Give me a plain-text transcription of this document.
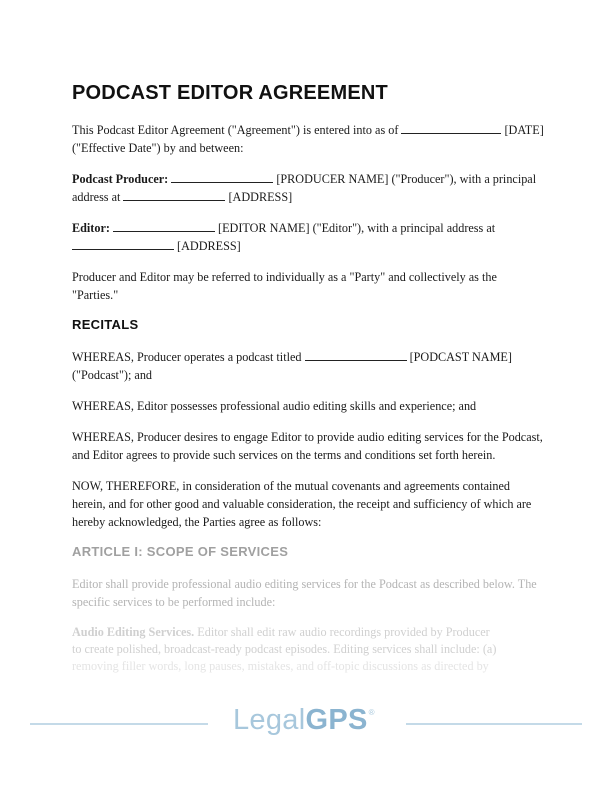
PODCAST EDITOR AGREEMENT

This Podcast Editor Agreement ("Agreement") is entered into as of	[DATE] ("Effective Date") by and between:

Podcast Producer:	[PRODUCER NAME] ("Producer"), with a principal address at	[ADDRESS]

Editor:	[EDITOR NAME] ("Editor"), with a principal address at  [ADDRESS]

Producer and Editor may be referred to individually as a "Party" and collectively as the "Parties."

RECITALS

WHEREAS, Producer operates a podcast titled	[PODCAST NAME] ("Podcast"); and

WHEREAS, Editor possesses professional audio editing skills and experience; and

WHEREAS, Producer desires to engage Editor to provide audio editing services for the Podcast, and Editor agrees to provide such services on the terms and conditions set forth herein.

NOW, THEREFORE, in consideration of the mutual covenants and agreements contained herein, and for other good and valuable consideration, the receipt and sufficiency of which are hereby acknowledged, the Parties agree as follows:

ARTICLE I: SCOPE OF SERVICES

Editor shall provide professional audio editing services for the Podcast as described below. The specific services to be performed include:

Audio Editing Services. Editor shall edit raw audio recordings provided by Producer
to create polished, broadcast-ready podcast episodes. Editing services shall include: (a)
removing filler words, long pauses, mistakes, and off-topic discussions as directed by

LegalGPS®
